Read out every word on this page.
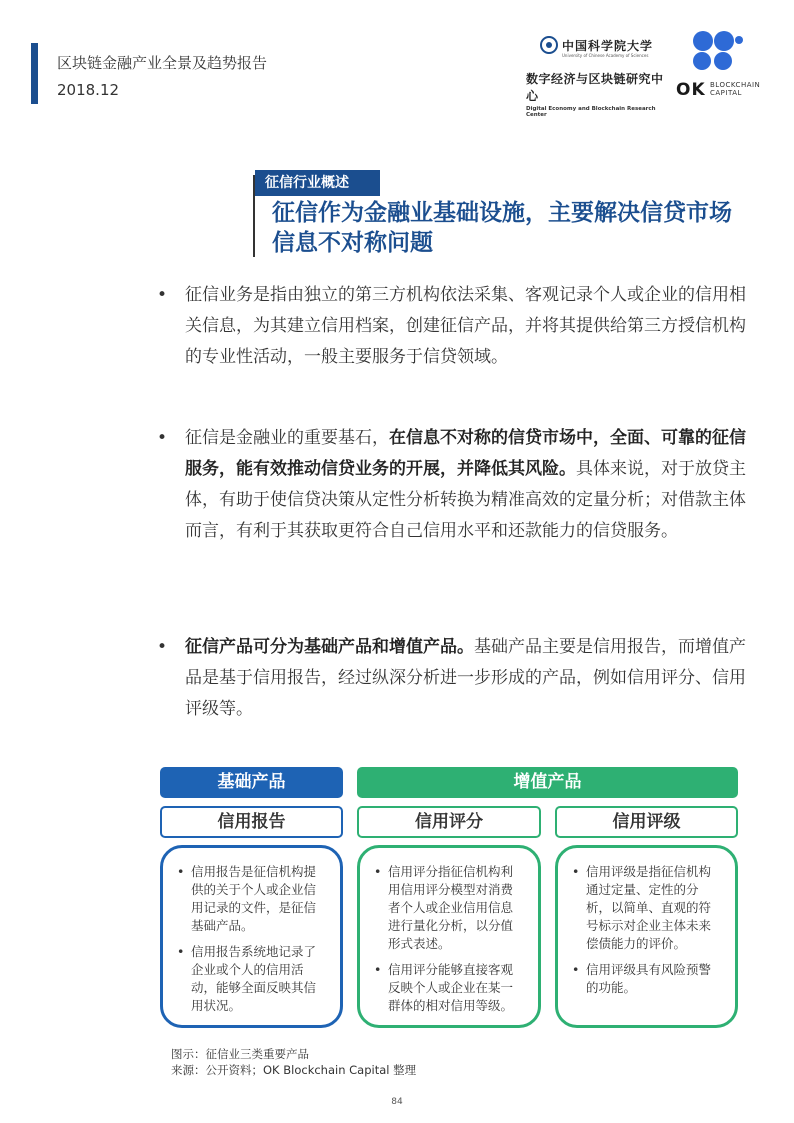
区块链金融产业全景及趋势报告
2018.12
中国科学院大学
University of Chinese Academy of Sciences
数字经济与区块链研究中心
Digital Economy and Blockchain Research Center
OK BLOCKCHAIN
CAPITAL
征信行业概述
征信作为金融业基础设施，主要解决信贷市场信息不对称问题
• 征信业务是指由独立的第三方机构依法采集、客观记录个人或企业的信用相关信息，为其建立信用档案，创建征信产品，并将其提供给第三方授信机构的专业性活动，一般主要服务于信贷领域。
• 征信是金融业的重要基石，在信息不对称的信贷市场中，全面、可靠的征信服务，能有效推动信贷业务的开展，并降低其风险。具体来说，对于放贷主体，有助于使信贷决策从定性分析转换为精准高效的定量分析；对借款主体而言，有利于其获取更符合自己信用水平和还款能力的信贷服务。
• 征信产品可分为基础产品和增值产品。基础产品主要是信用报告，而增值产品是基于信用报告，经过纵深分析进一步形成的产品，例如信用评分、信用评级等。
基础产品	增值产品
信用报告	信用评分	信用评级
• 信用报告是征信机构提供的关于个人或企业信用记录的文件，是征信基础产品。
• 信用报告系统地记录了企业或个人的信用活动，能够全面反映其信用状况。
• 信用评分指征信机构利用信用评分模型对消费者个人或企业信用信息进行量化分析，以分值形式表述。
• 信用评分能够直接客观反映个人或企业在某一群体的相对信用等级。
• 信用评级是指征信机构通过定量、定性的分析，以简单、直观的符号标示对企业主体未来偿债能力的评价。
• 信用评级具有风险预警的功能。
图示：征信业三类重要产品
来源：公开资料；OK Blockchain Capital 整理
84
